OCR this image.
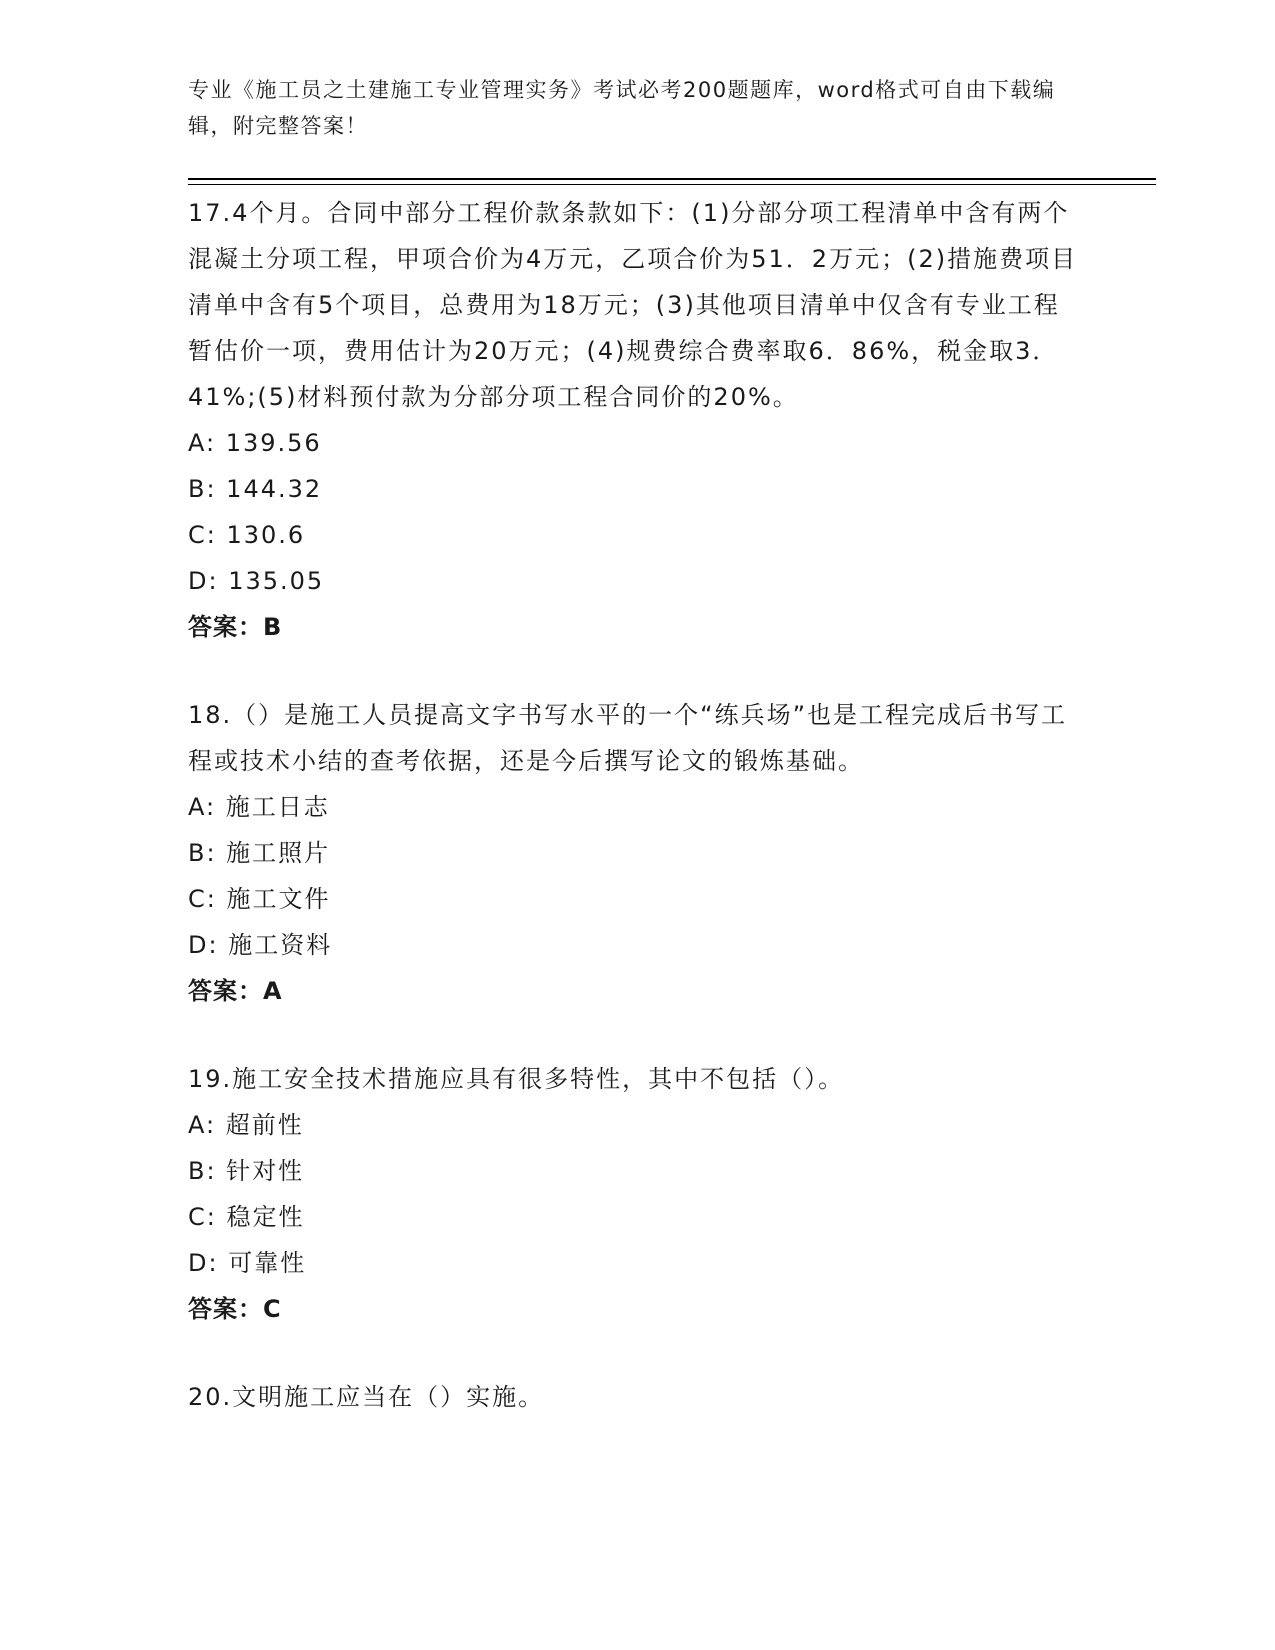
专业《施工员之土建施工专业管理实务》考试必考200题题库，word格式可自由下载编辑，附完整答案！
17.4个月。合同中部分工程价款条款如下：(1)分部分项工程清单中含有两个混凝土分项工程，甲项合价为4万元，乙项合价为51．2万元；(2)措施费项目清单中含有5个项目，总费用为18万元；(3)其他项目清单中仅含有专业工程暂估价一项，费用估计为20万元；(4)规费综合费率取6．86%，税金取3．41%;(5)材料预付款为分部分项工程合同价的20%。
A: 139.56
B: 144.32
C: 130.6
D: 135.05
答案：B
18.（）是施工人员提高文字书写水平的一个“练兵场”也是工程完成后书写工程或技术小结的查考依据，还是今后撰写论文的锻炼基础。
A: 施工日志
B: 施工照片
C: 施工文件
D: 施工资料
答案：A
19.施工安全技术措施应具有很多特性，其中不包括（）。
A: 超前性
B: 针对性
C: 稳定性
D: 可靠性
答案：C
20.文明施工应当在（）实施。
